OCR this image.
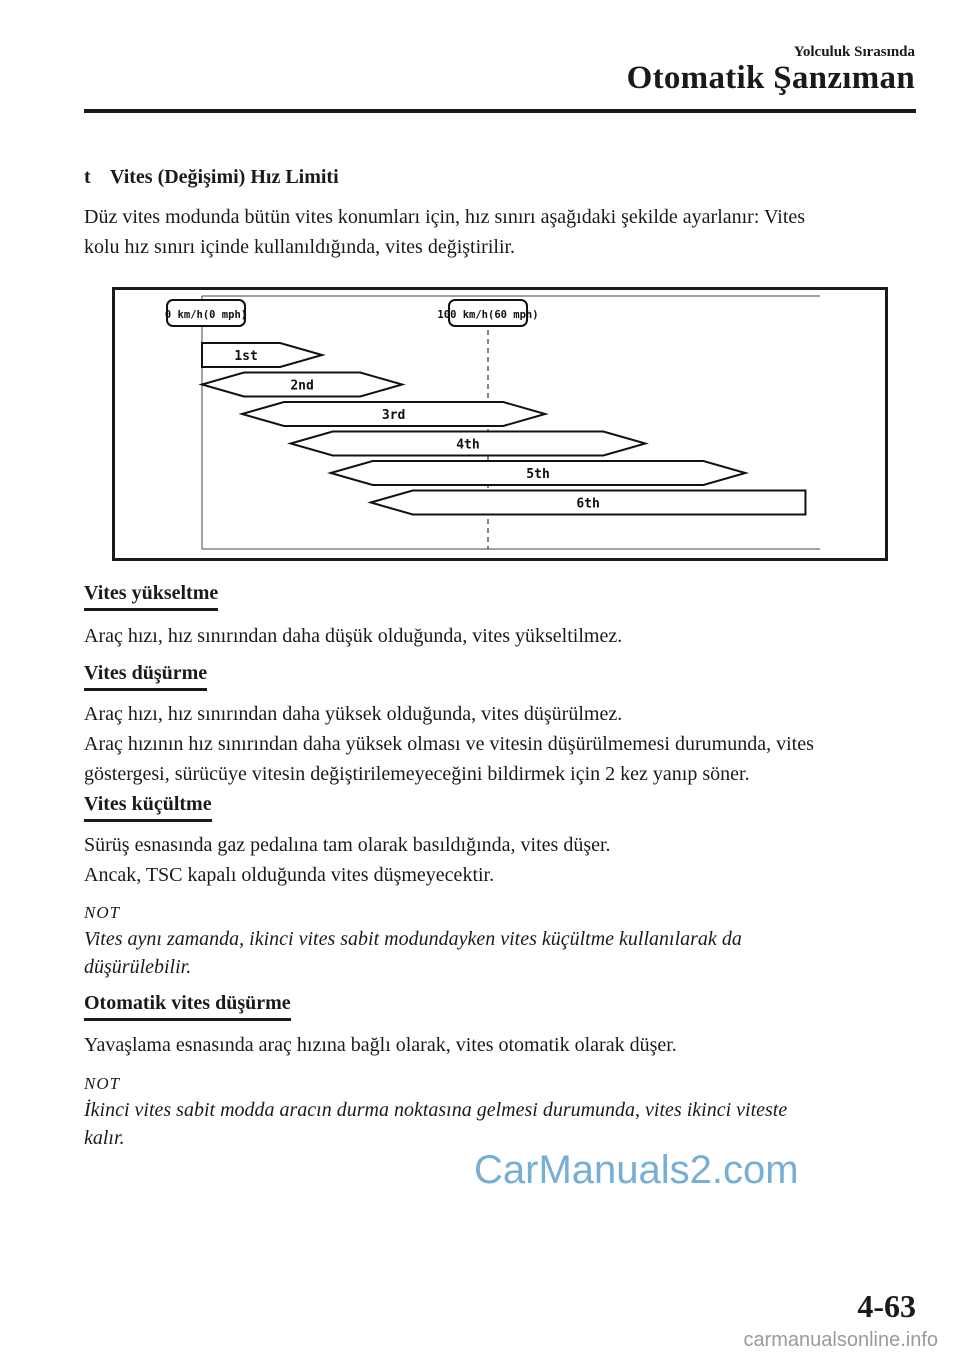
Yolculuk Sırasında
Otomatik Şanzıman
t Vites (Değişimi) Hız Limiti
Düz vites modunda bütün vites konumları için, hız sınırı aşağıdaki şekilde ayarlanır: Vites
kolu hız sınırı içinde kullanıldığında, vites değiştirilir.
0 km/h(0 mph)	100 km/h(60 mph)
1st
2nd
3rd
4th
5th
6th
Vites yükseltme
Araç hızı, hız sınırından daha düşük olduğunda, vites yükseltilmez.
Vites düşürme
Araç hızı, hız sınırından daha yüksek olduğunda, vites düşürülmez.
Araç hızının hız sınırından daha yüksek olması ve vitesin düşürülmemesi durumunda, vites
göstergesi, sürücüye vitesin değiştirilemeyeceğini bildirmek için 2 kez yanıp söner.
Vites küçültme
Sürüş esnasında gaz pedalına tam olarak basıldığında, vites düşer.
Ancak, TSC kapalı olduğunda vites düşmeyecektir.
NOT
Vites aynı zamanda, ikinci vites sabit modundayken vites küçültme kullanılarak da
düşürülebilir.
Otomatik vites düşürme
Yavaşlama esnasında araç hızına bağlı olarak, vites otomatik olarak düşer.
NOT
İkinci vites sabit modda aracın durma noktasına gelmesi durumunda, vites ikinci viteste
kalır.
CarManuals2.com
4-63
carmanualsonline.info
